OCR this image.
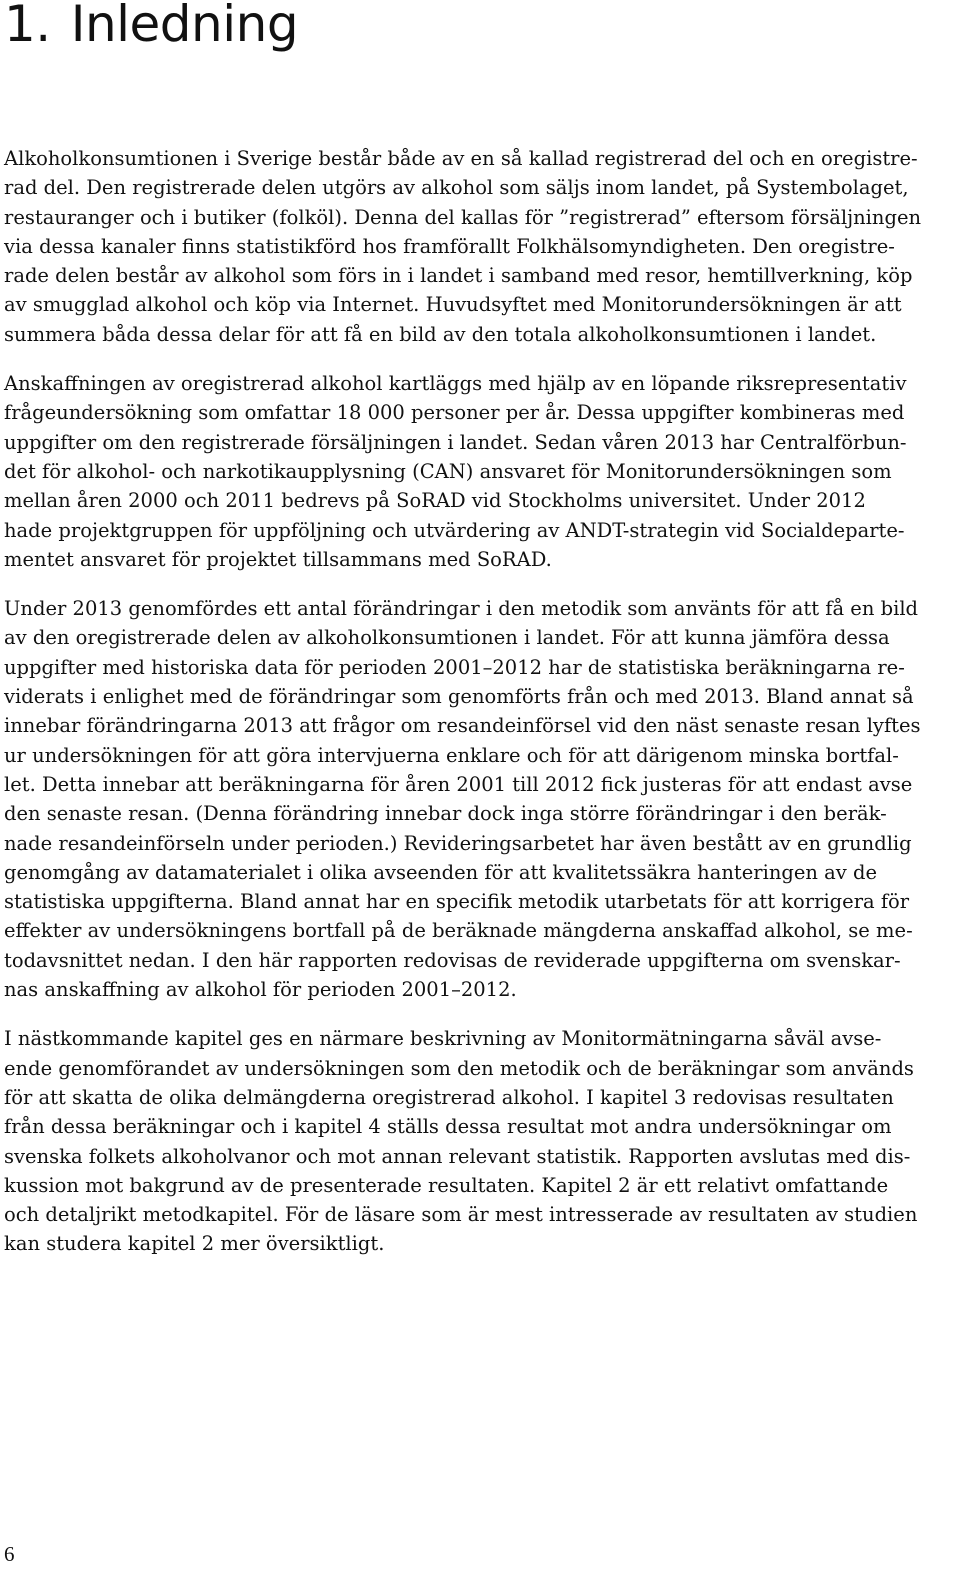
1. Inledning

Alkoholkonsumtionen i Sverige består både av en så kallad registrerad del och en oregistre-
rad del. Den registrerade delen utgörs av alkohol som säljs inom landet, på Systembolaget,
restauranger och i butiker (folköl). Denna del kallas för ”registrerad” eftersom försäljningen
via dessa kanaler finns statistikförd hos framförallt Folkhälsomyndigheten. Den oregistre-
rade delen består av alkohol som förs in i landet i samband med resor, hemtillverkning, köp
av smugglad alkohol och köp via Internet. Huvudsyftet med Monitorundersökningen är att
summera båda dessa delar för att få en bild av den totala alkoholkonsumtionen i landet.

Anskaffningen av oregistrerad alkohol kartläggs med hjälp av en löpande riksrepresentativ
frågeundersökning som omfattar 18 000 personer per år. Dessa uppgifter kombineras med
uppgifter om den registrerade försäljningen i landet. Sedan våren 2013 har Centralförbun-
det för alkohol- och narkotikaupplysning (CAN) ansvaret för Monitorundersökningen som
mellan åren 2000 och 2011 bedrevs på SoRAD vid Stockholms universitet. Under 2012
hade projektgruppen för uppföljning och utvärdering av ANDT-strategin vid Socialdeparte-
mentet ansvaret för projektet tillsammans med SoRAD.

Under 2013 genomfördes ett antal förändringar i den metodik som använts för att få en bild
av den oregistrerade delen av alkoholkonsumtionen i landet. För att kunna jämföra dessa
uppgifter med historiska data för perioden 2001–2012 har de statistiska beräkningarna re-
viderats i enlighet med de förändringar som genomförts från och med 2013. Bland annat så
innebar förändringarna 2013 att frågor om resandeinförsel vid den näst senaste resan lyftes
ur undersökningen för att göra intervjuerna enklare och för att därigenom minska bortfal-
let. Detta innebar att beräkningarna för åren 2001 till 2012 fick justeras för att endast avse
den senaste resan. (Denna förändring innebar dock inga större förändringar i den beräk-
nade resandeinförseln under perioden.) Revideringsarbetet har även bestått av en grundlig
genomgång av datamaterialet i olika avseenden för att kvalitetssäkra hanteringen av de
statistiska uppgifterna. Bland annat har en specifik metodik utarbetats för att korrigera för
effekter av undersökningens bortfall på de beräknade mängderna anskaffad alkohol, se me-
todavsnittet nedan. I den här rapporten redovisas de reviderade uppgifterna om svenskar-
nas anskaffning av alkohol för perioden 2001–2012.

I nästkommande kapitel ges en närmare beskrivning av Monitormätningarna såväl avse-
ende genomförandet av undersökningen som den metodik och de beräkningar som används
för att skatta de olika delmängderna oregistrerad alkohol. I kapitel 3 redovisas resultaten
från dessa beräkningar och i kapitel 4 ställs dessa resultat mot andra undersökningar om
svenska folkets alkoholvanor och mot annan relevant statistik. Rapporten avslutas med dis-
kussion mot bakgrund av de presenterade resultaten. Kapitel 2 är ett relativt omfattande
och detaljrikt metodkapitel. För de läsare som är mest intresserade av resultaten av studien
kan studera kapitel 2 mer översiktligt.

6
